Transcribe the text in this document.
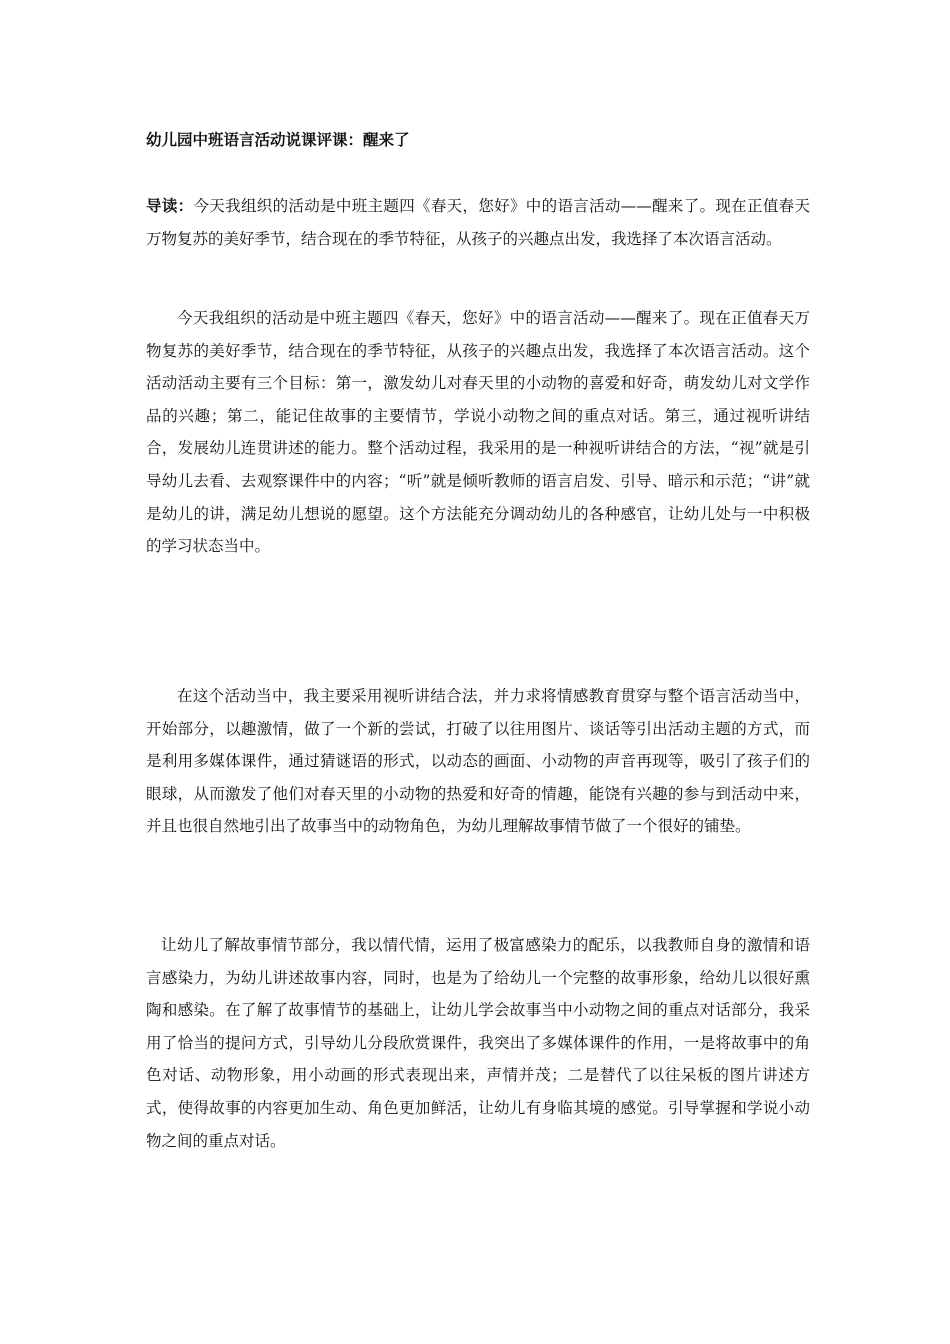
幼儿园中班语言活动说课评课：醒来了

导读：今天我组织的活动是中班主题四《春天，您好》中的语言活动——醒来了。现在正值春天万物复苏的美好季节，结合现在的季节特征，从孩子的兴趣点出发，我选择了本次语言活动。

今天我组织的活动是中班主题四《春天，您好》中的语言活动——醒来了。现在正值春天万物复苏的美好季节，结合现在的季节特征，从孩子的兴趣点出发，我选择了本次语言活动。这个活动活动主要有三个目标：第一，激发幼儿对春天里的小动物的喜爱和好奇，萌发幼儿对文学作品的兴趣；第二，能记住故事的主要情节，学说小动物之间的重点对话。第三，通过视听讲结合，发展幼儿连贯讲述的能力。整个活动过程，我采用的是一种视听讲结合的方法，“视”就是引导幼儿去看、去观察课件中的内容；“听”就是倾听教师的语言启发、引导、暗示和示范；“讲”就是幼儿的讲，满足幼儿想说的愿望。这个方法能充分调动幼儿的各种感官，让幼儿处与一中积极的学习状态当中。

在这个活动当中，我主要采用视听讲结合法，并力求将情感教育贯穿与整个语言活动当中，开始部分，以趣激情，做了一个新的尝试，打破了以往用图片、谈话等引出活动主题的方式，而是利用多媒体课件，通过猜谜语的形式，以动态的画面、小动物的声音再现等，吸引了孩子们的眼球，从而激发了他们对春天里的小动物的热爱和好奇的情趣，能饶有兴趣的参与到活动中来，并且也很自然地引出了故事当中的动物角色，为幼儿理解故事情节做了一个很好的铺垫。

让幼儿了解故事情节部分，我以情代情，运用了极富感染力的配乐，以我教师自身的激情和语言感染力，为幼儿讲述故事内容，同时，也是为了给幼儿一个完整的故事形象，给幼儿以很好熏陶和感染。在了解了故事情节的基础上，让幼儿学会故事当中小动物之间的重点对话部分，我采用了恰当的提问方式，引导幼儿分段欣赏课件，我突出了多媒体课件的作用，一是将故事中的角色对话、动物形象，用小动画的形式表现出来，声情并茂；二是替代了以往呆板的图片讲述方式，使得故事的内容更加生动、角色更加鲜活，让幼儿有身临其境的感觉。引导掌握和学说小动物之间的重点对话。
